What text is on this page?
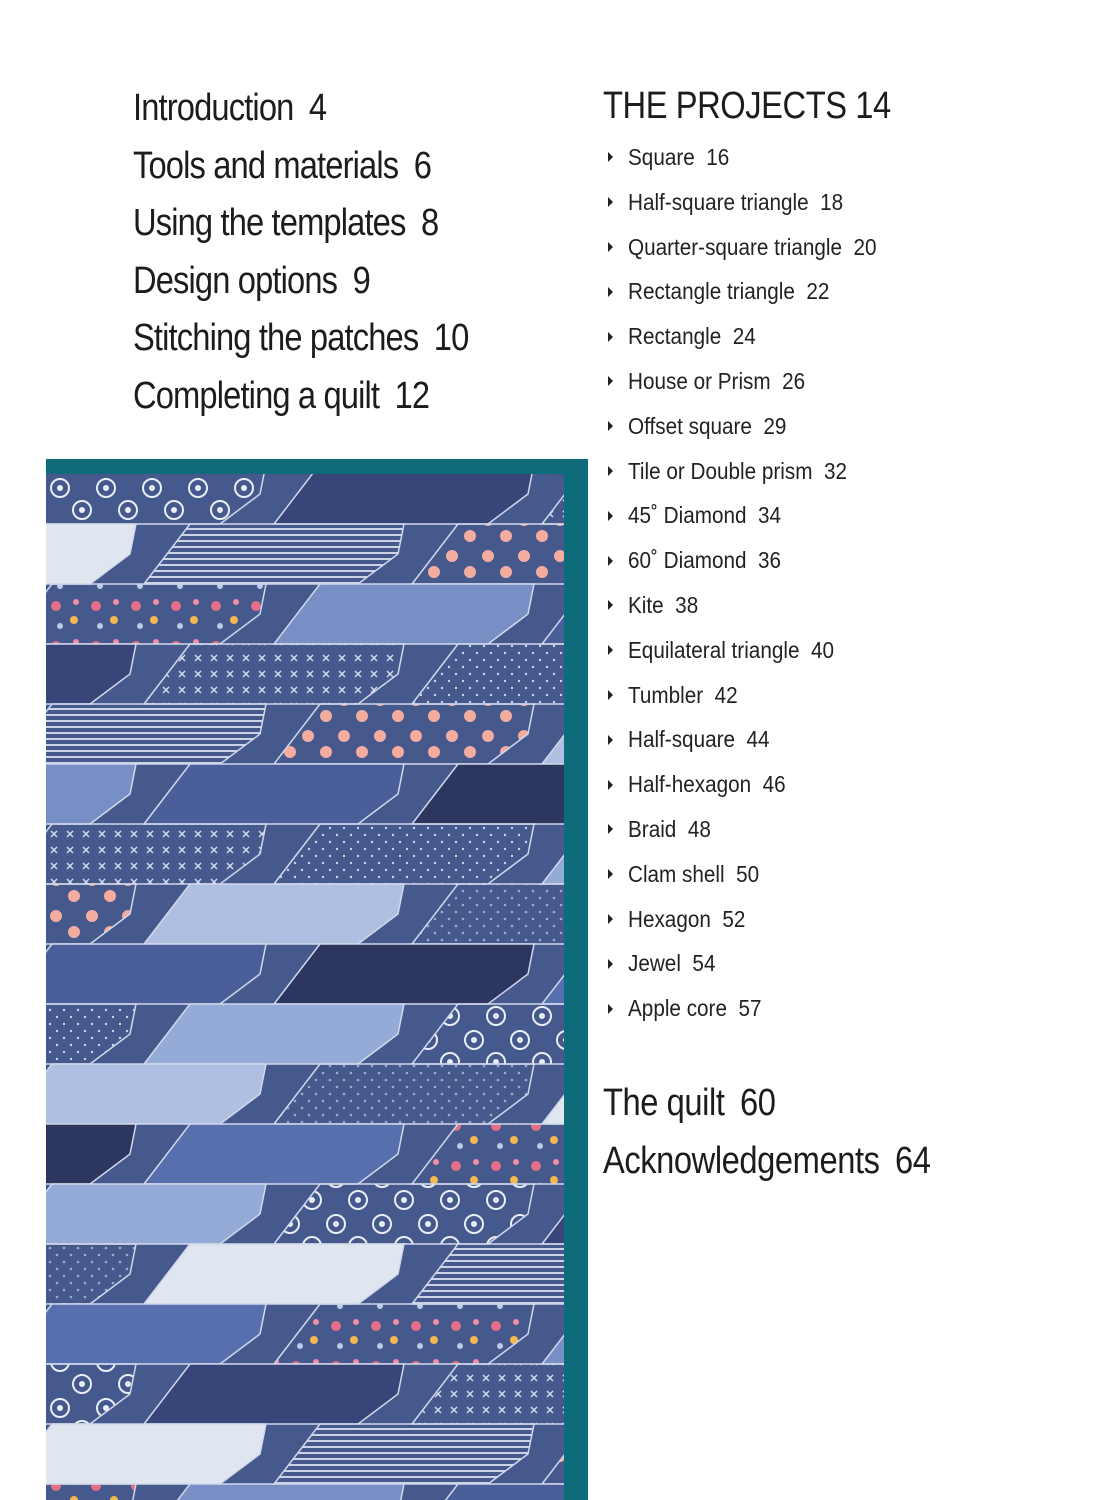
Introduction 4
Tools and materials 6
Using the templates 8
Design options 9
Stitching the patches 10
Completing a quilt 12
THE PROJECTS 14
Square 16
Half-square triangle 18
Quarter-square triangle 20
Rectangle triangle 22
Rectangle 24
House or Prism 26
Offset square 29
Tile or Double prism 32
45˚ Diamond 34
60˚ Diamond 36
Kite 38
Equilateral triangle 40
Tumbler 42
Half-square 44
Half-hexagon 46
Braid 48
Clam shell 50
Hexagon 52
Jewel 54
Apple core 57
The quilt 60
Acknowledgements 64
